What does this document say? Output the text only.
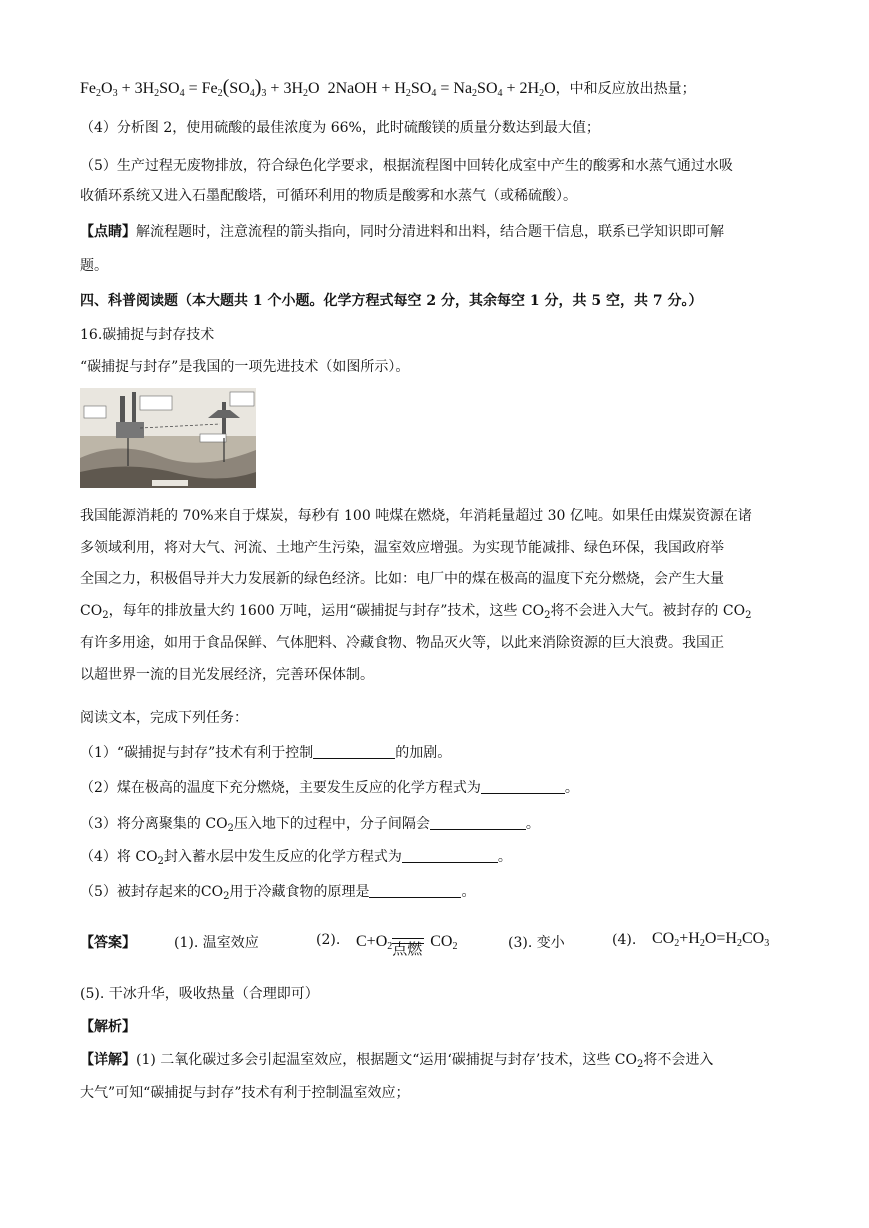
$Fe_2O_3 + 3H_2SO_4 = Fe_2(SO_4)_3 + 3H_2O$ 2NaOH + $H_2SO_4 = Na_2SO_4 + 2H_2O$，中和反应放出热量；
（4）分析图 2，使用硫酸的最佳浓度为 66%，此时硫酸镁的质量分数达到最大值；
（5）生产过程无废物排放，符合绿色化学要求，根据流程图中回转化成室中产生的酸雾和水蒸气通过水吸
收循环系统又进入石墨配酸塔，可循环利用的物质是酸雾和水蒸气（或稀硫酸）。
【点睛】解流程题时，注意流程的箭头指向，同时分清进料和出料，结合题干信息，联系已学知识即可解
题。
四、科普阅读题（本大题共 1 个小题。化学方程式每空 2 分，其余每空 1 分，共 5 空，共 7 分。）
16.碳捕捉与封存技术
“碳捕捉与封存”是我国的一项先进技术（如图所示）。
我国能源消耗的 70%来自于煤炭，每秒有 100 吨煤在燃烧，年消耗量超过 30 亿吨。如果任由煤炭资源在诸
多领域利用，将对大气、河流、土地产生污染，温室效应增强。为实现节能减排、绿色环保，我国政府举
全国之力，积极倡导并大力发展新的绿色经济。比如：电厂中的煤在极高的温度下充分燃烧，会产生大量
$CO_2$，每年的排放量大约 1600 万吨，运用“碳捕捉与封存”技术，这些 $CO_2$将不会进入大气。被封存的 $CO_2$
有许多用途，如用于食品保鲜、气体肥料、冷藏食物、物品灭火等，以此来消除资源的巨大浪费。我国正
以超世界一流的目光发展经济，完善环保体制。
阅读文本，完成下列任务：
（1）“碳捕捉与封存”技术有利于控制	的加剧。
（2）煤在极高的温度下充分燃烧，主要发生反应的化学方程式为	。
（3）将分离聚集的 $CO_2$压入地下的过程中，分子间隔会	。
（4）将 $CO_2$封入蓄水层中发生反应的化学方程式为	。
（5）被封存起来的$CO_2$用于冷藏食物的原理是	。
【答案】	(1). 温室效应	(2). $C+O_2$ 点燃 $CO_2$	(3). 变小	(4). $CO_2+H_2O=H_2CO_3$
(5). 干冰升华，吸收热量（合理即可）
【解析】
【详解】(1) 二氧化碳过多会引起温室效应，根据题文“运用‘碳捕捉与封存’技术，这些 $CO_2$将不会进入
大气”可知“碳捕捉与封存”技术有利于控制温室效应；
